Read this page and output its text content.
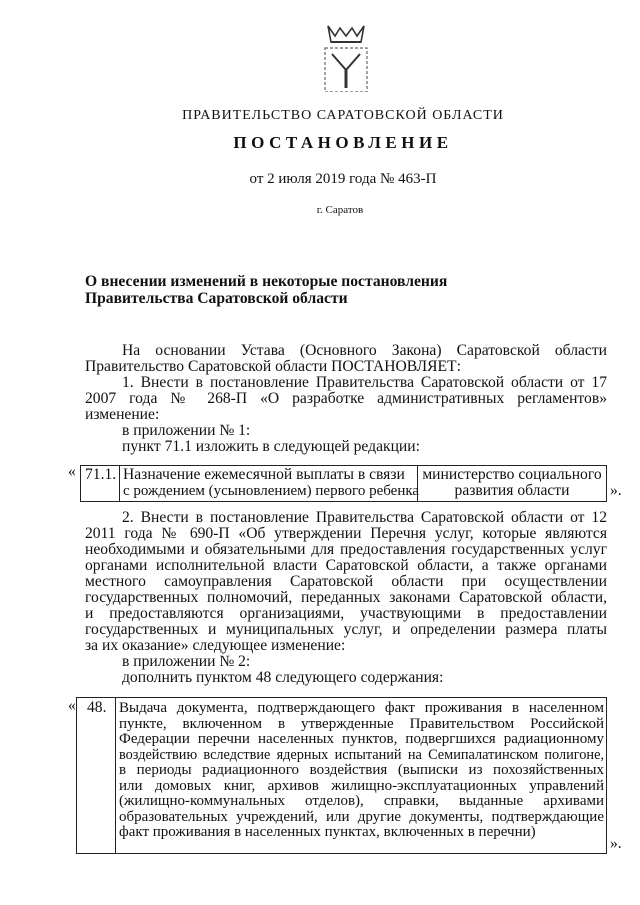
ПРАВИТЕЛЬСТВО САРАТОВСКОЙ ОБЛАСТИ
ПОСТАНОВЛЕНИЕ
от 2 июля 2019 года № 463-П
г. Саратов
О внесении изменений в некоторые постановления
Правительства Саратовской области
На основании Устава (Основного Закона) Саратовской области
Правительство Саратовской области ПОСТАНОВЛЯЕТ:
1. Внести в постановление Правительства Саратовской области от 17
2007 года № 268-П «О разработке административных регламентов»
изменение:
в приложении № 1:
пункт 71.1 изложить в следующей редакции:
« 71.1. Назначение ежемесячной выплаты в связи
с рождением (усыновлением) первого ребенка
министерство социального
развития области	».
2. Внести в постановление Правительства Саратовской области от 12
2011 года № 690-П «Об утверждении Перечня услуг, которые являются
необходимыми и обязательными для предоставления государственных услуг
органами исполнительной власти Саратовской области, а также органами
местного самоуправления Саратовской области при осуществлении
государственных полномочий, переданных законами Саратовской области,
и предоставляются организациями, участвующими в предоставлении
государственных и муниципальных услуг, и определении размера платы
за их оказание» следующее изменение:
в приложении № 2:
дополнить пунктом 48 следующего содержания:
« 48. Выдача документа, подтверждающего факт проживания в населенном
пункте, включенном в утвержденные Правительством Российской
Федерации перечни населенных пунктов, подвергшихся радиационному
воздействию вследствие ядерных испытаний на Семипалатинском полигоне,
в периоды радиационного воздействия (выписки из похозяйственных
или домовых книг, архивов жилищно-эксплуатационных управлений
(жилищно-коммунальных отделов), справки, выданные архивами
образовательных учреждений, или другие документы, подтверждающие
факт проживания в населенных пунктах, включенных в перечни)
».
